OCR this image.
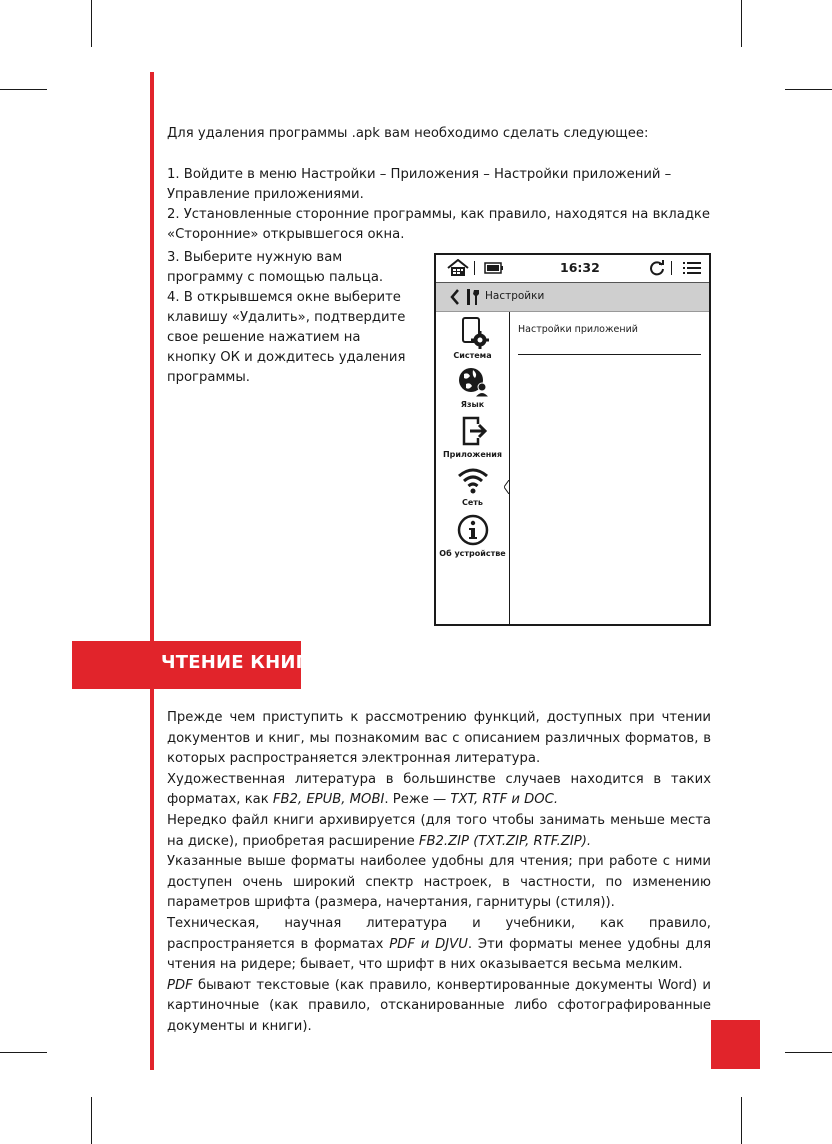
Для удаления программы .apk вам необходимо сделать следующее:

1. Войдите в меню Настройки – Приложения – Настройки приложений – Управление приложениями.

2. Установленные сторонние программы, как правило, находятся на вкладке «Сторонние» открывшегося окна.

3. Выберите нужную вам программу с помощью пальца.

4. В открывшемся окне выберите клавишу «Удалить», подтвердите свое решение нажатием на кнопку ОК и дождитесь удаления программы.

16:32
Настройки
Система
Язык
Приложения
Сеть
Об устройстве
Настройки приложений
ЧТЕНИЕ КНИГ

Прежде чем приступить к рассмотрению функций, доступных при чтении документов и книг, мы познакомим вас с описанием различных форматов, в которых распространяется электронная литература.

Художественная литература в большинстве случаев находится в таких форматах, как FB2, EPUB, MOBI. Реже — TXT, RTF и DOC.

Нередко файл книги архивируется (для того чтобы занимать меньше места на диске), приобретая расширение FB2.ZIP (TXT.ZIP, RTF.ZIP).

Указанные выше форматы наиболее удобны для чтения; при работе с ними доступен очень широкий спектр настроек, в частности, по изменению параметров шрифта (размера, начертания, гарнитуры (стиля)).

Техническая, научная литература и учебники, как правило, распространяется в форматах PDF и DJVU. Эти форматы менее удобны для чтения на ридере; бывает, что шрифт в них оказывается весьма мелким.

PDF бывают текстовые (как правило, конвертированные документы Word) и картиночные (как правило, отсканированные либо сфотографированные документы и книги).
